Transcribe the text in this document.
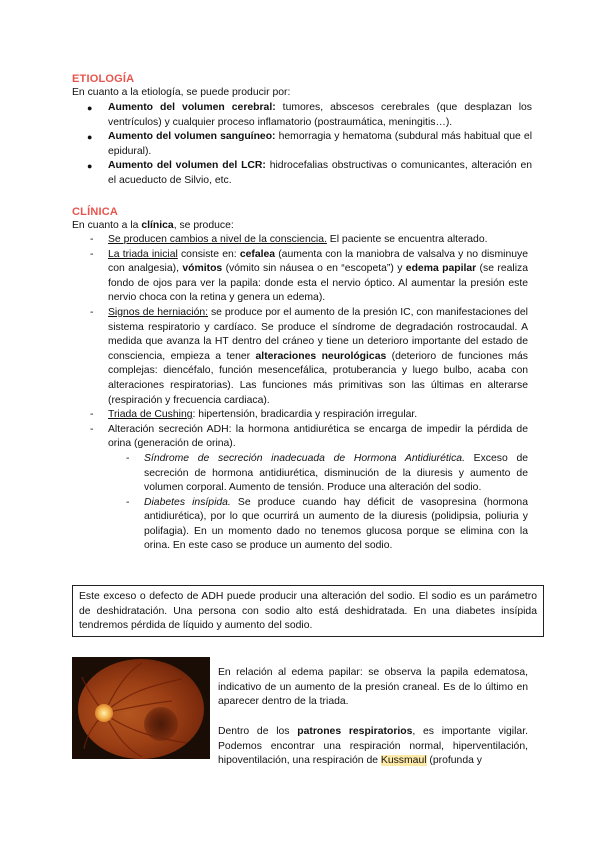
ETIOLOGÍA
En cuanto a la etiología, se puede producir por:
● Aumento del volumen cerebral: tumores, abscesos cerebrales (que desplazan los ventrículos) y cualquier proceso inflamatorio (postraumática, meningitis…).
● Aumento del volumen sanguíneo: hemorragia y hematoma (subdural más habitual que el epidural).
● Aumento del volumen del LCR: hidrocefalias obstructivas o comunicantes, alteración en el acueducto de Silvio, etc.
CLÍNICA
En cuanto a la clínica, se produce:
- Se producen cambios a nivel de la consciencia. El paciente se encuentra alterado.
- La triada inicial consiste en: cefalea (aumenta con la maniobra de valsalva y no disminuye con analgesia), vómitos (vómito sin náusea o en “escopeta”) y edema papilar (se realiza fondo de ojos para ver la papila: donde esta el nervio óptico. Al aumentar la presión este nervio choca con la retina y genera un edema).
- Signos de herniación: se produce por el aumento de la presión IC, con manifestaciones del sistema respiratorio y cardíaco. Se produce el síndrome de degradación rostrocaudal. A medida que avanza la HT dentro del cráneo y tiene un deterioro importante del estado de consciencia, empieza a tener alteraciones neurológicas (deterioro de funciones más complejas: diencéfalo, función mesencefálica, protuberancia y luego bulbo, acaba con alteraciones respiratorias). Las funciones más primitivas son las últimas en alterarse (respiración y frecuencia cardiaca).
- Triada de Cushing: hipertensión, bradicardia y respiración irregular.
- Alteración secreción ADH: la hormona antidiurética se encarga de impedir la pérdida de orina (generación de orina).
- Síndrome de secreción inadecuada de Hormona Antidiurética. Exceso de secreción de hormona antidiurética, disminución de la diuresis y aumento de volumen corporal. Aumento de tensión. Produce una alteración del sodio.
- Diabetes insípida. Se produce cuando hay déficit de vasopresina (hormona antidiurética), por lo que ocurrirá un aumento de la diuresis (polidipsia, poliuria y polifagia). En un momento dado no tenemos glucosa porque se elimina con la orina. En este caso se produce un aumento del sodio.
Este exceso o defecto de ADH puede producir una alteración del sodio. El sodio es un parámetro de deshidratación. Una persona con sodio alto está deshidratada. En una diabetes insípida tendremos pérdida de líquido y aumento del sodio.
En relación al edema papilar: se observa la papila edematosa, indicativo de un aumento de la presión craneal. Es de lo último en aparecer dentro de la triada.
Dentro de los patrones respiratorios, es importante vigilar. Podemos encontrar una respiración normal, hiperventilación, hipoventilación, una respiración de Kussmaul (profunda y
